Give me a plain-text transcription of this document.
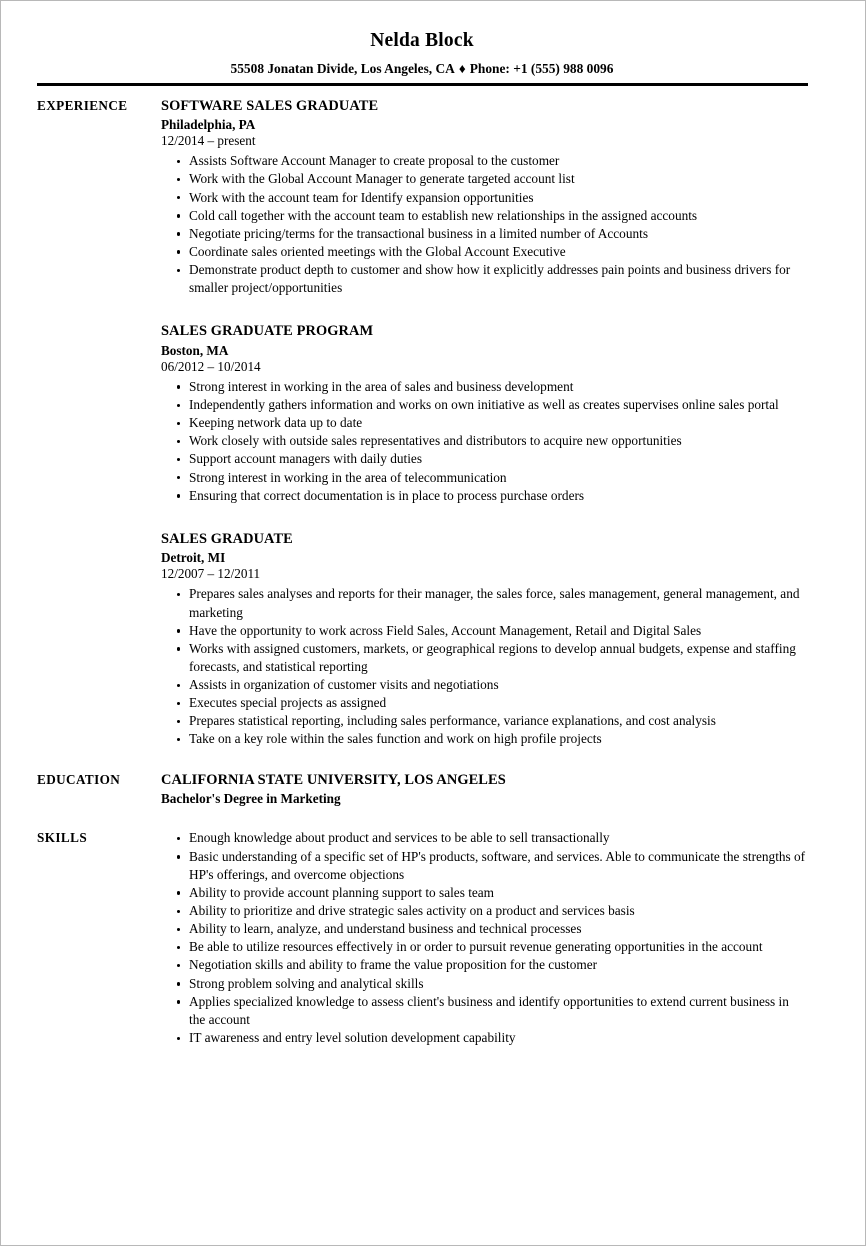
Nelda Block
55508 Jonatan Divide, Los Angeles, CA ♦ Phone: +1 (555) 988 0096
EXPERIENCE	SOFTWARE SALES GRADUATE
Philadelphia, PA
12/2014 – present
Assists Software Account Manager to create proposal to the customer
Work with the Global Account Manager to generate targeted account list
Work with the account team for Identify expansion opportunities
Cold call together with the account team to establish new relationships in the assigned accounts
Negotiate pricing/terms for the transactional business in a limited number of Accounts
Coordinate sales oriented meetings with the Global Account Executive
Demonstrate product depth to customer and show how it explicitly addresses pain points and business drivers for smaller project/opportunities
SALES GRADUATE PROGRAM
Boston, MA
06/2012 – 10/2014
Strong interest in working in the area of sales and business development
Independently gathers information and works on own initiative as well as creates supervises online sales portal
Keeping network data up to date
Work closely with outside sales representatives and distributors to acquire new opportunities
Support account managers with daily duties
Strong interest in working in the area of telecommunication
Ensuring that correct documentation is in place to process purchase orders
SALES GRADUATE
Detroit, MI
12/2007 – 12/2011
Prepares sales analyses and reports for their manager, the sales force, sales management, general management, and marketing
Have the opportunity to work across Field Sales, Account Management, Retail and Digital Sales
Works with assigned customers, markets, or geographical regions to develop annual budgets, expense and staffing forecasts, and statistical reporting
Assists in organization of customer visits and negotiations
Executes special projects as assigned
Prepares statistical reporting, including sales performance, variance explanations, and cost analysis
Take on a key role within the sales function and work on high profile projects
EDUCATION	CALIFORNIA STATE UNIVERSITY, LOS ANGELES
Bachelor's Degree in Marketing
SKILLS	Enough knowledge about product and services to be able to sell transactionally
Basic understanding of a specific set of HP's products, software, and services. Able to communicate the strengths of HP's offerings, and overcome objections
Ability to provide account planning support to sales team
Ability to prioritize and drive strategic sales activity on a product and services basis
Ability to learn, analyze, and understand business and technical processes
Be able to utilize resources effectively in or order to pursuit revenue generating opportunities in the account
Negotiation skills and ability to frame the value proposition for the customer
Strong problem solving and analytical skills
Applies specialized knowledge to assess client's business and identify opportunities to extend current business in the account
IT awareness and entry level solution development capability
